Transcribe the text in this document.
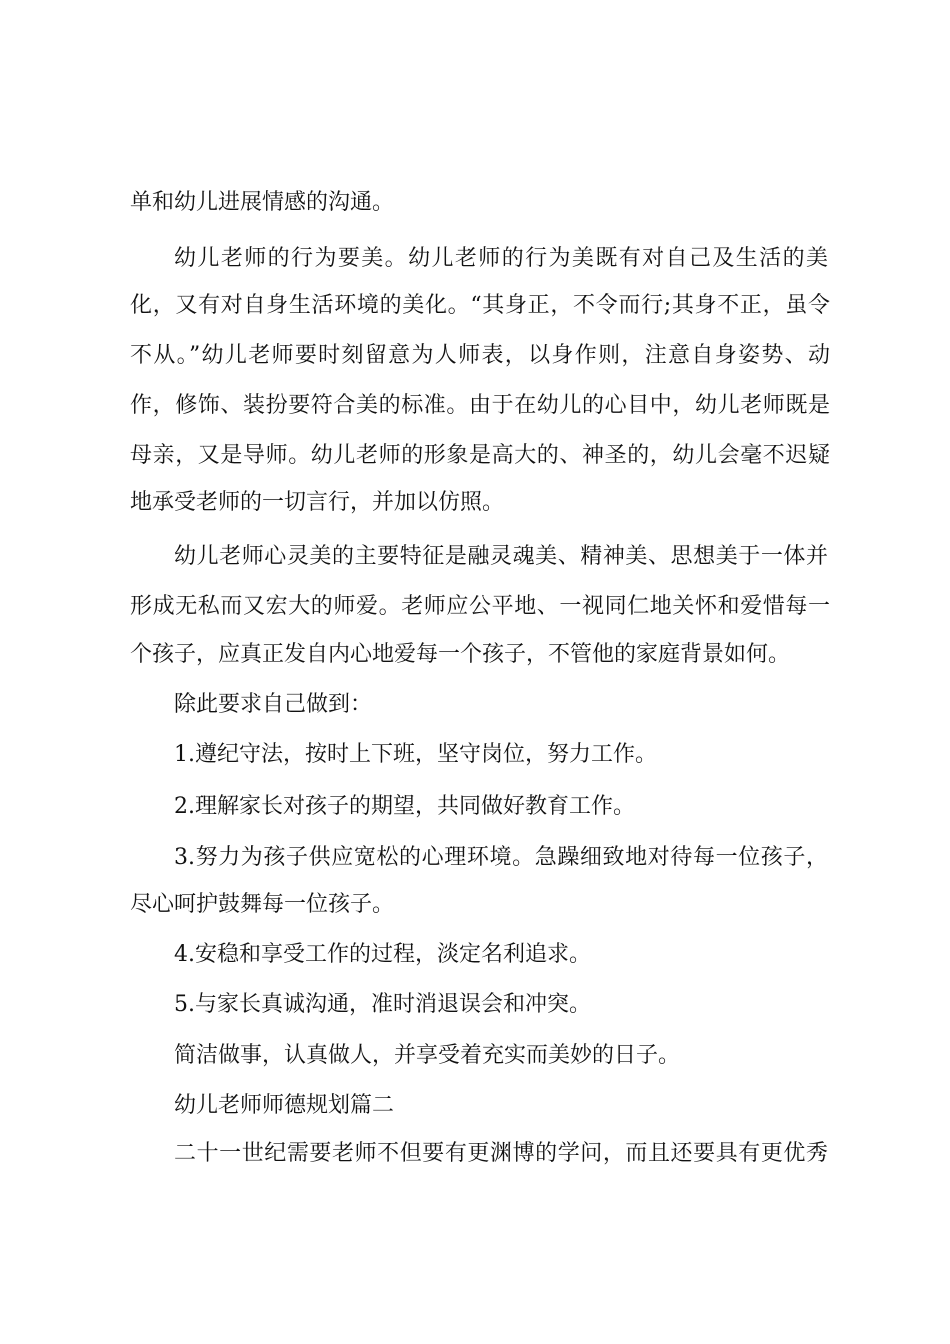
单和幼儿进展情感的沟通。
幼儿老师的行为要美。幼儿老师的行为美既有对自己及生活的美
化，又有对自身生活环境的美化。“其身正，不令而行;其身不正，虽令
不从。”幼儿老师要时刻留意为人师表，以身作则，注意自身姿势、动
作，修饰、装扮要符合美的标准。由于在幼儿的心目中，幼儿老师既是
母亲，又是导师。幼儿老师的形象是高大的、神圣的，幼儿会毫不迟疑
地承受老师的一切言行，并加以仿照。
幼儿老师心灵美的主要特征是融灵魂美、精神美、思想美于一体并
形成无私而又宏大的师爱。老师应公平地、一视同仁地关怀和爱惜每一
个孩子，应真正发自内心地爱每一个孩子，不管他的家庭背景如何。
除此要求自己做到：
1.遵纪守法，按时上下班，坚守岗位，努力工作。
2.理解家长对孩子的期望，共同做好教育工作。
3.努力为孩子供应宽松的心理环境。急躁细致地对待每一位孩子，
尽心呵护鼓舞每一位孩子。
4.安稳和享受工作的过程，淡定名利追求。
5.与家长真诚沟通，准时消退误会和冲突。
简洁做事，认真做人，并享受着充实而美妙的日子。
幼儿老师师德规划篇二
二十一世纪需要老师不但要有更渊博的学问，而且还要具有更优秀
